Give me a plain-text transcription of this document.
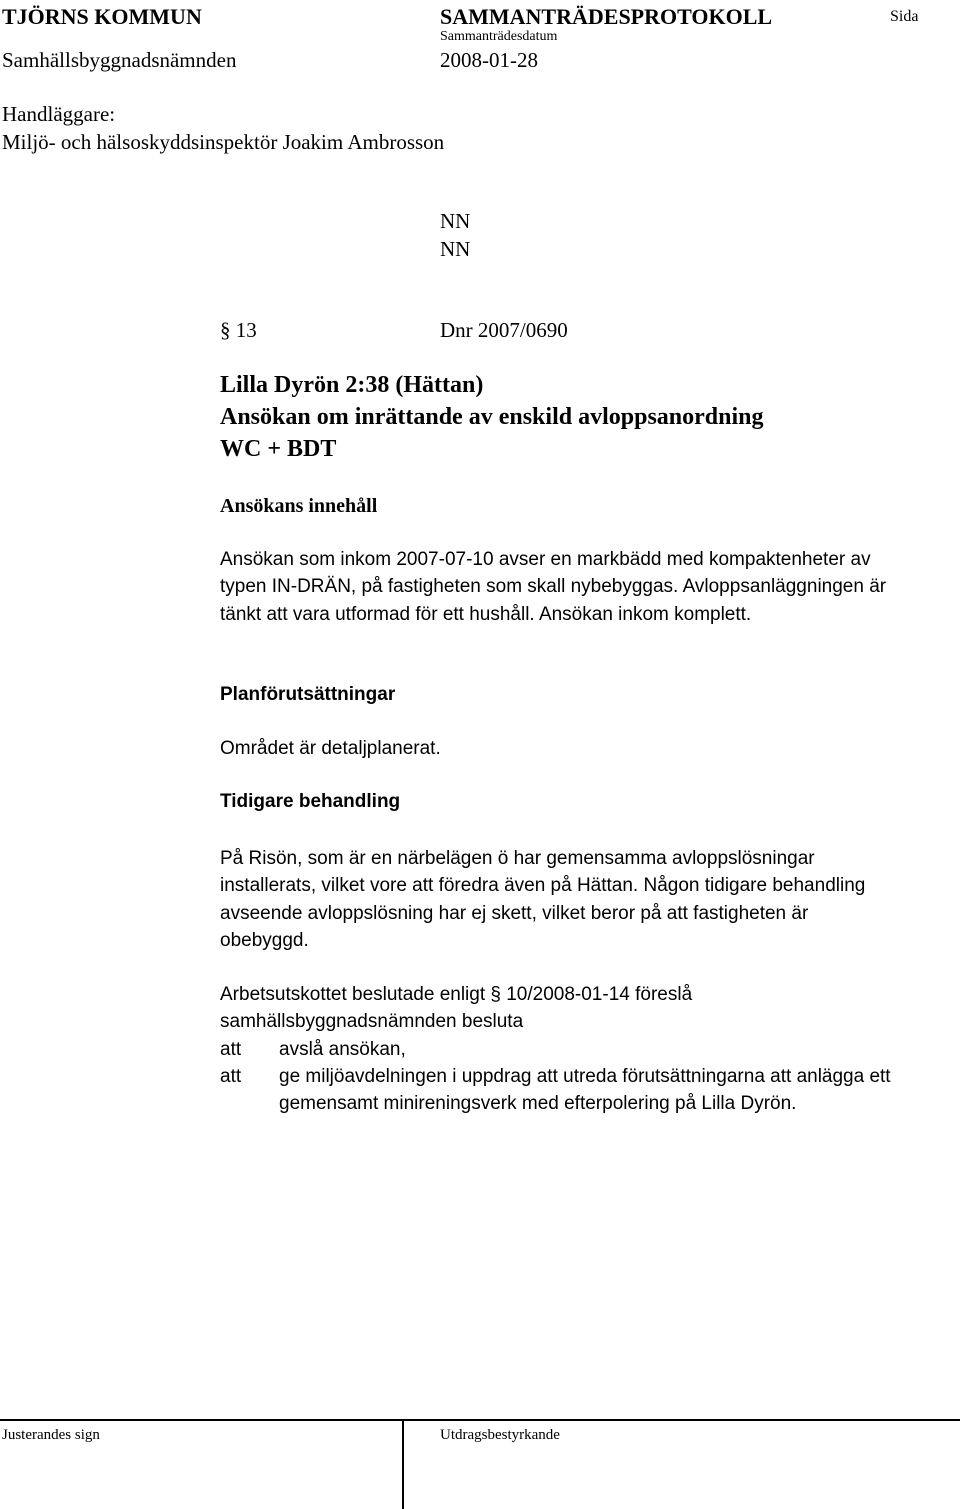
TJÖRNS KOMMUN	SAMMANTRÄDESPROTOKOLL	Sida
Sammanträdesdatum
Samhällsbyggnadsnämnden	2008-01-28
Handläggare:
Miljö- och hälsoskyddsinspektör Joakim Ambrosson
NN
NN
§ 13	Dnr 2007/0690
Lilla Dyrön 2:38 (Hättan)
Ansökan om inrättande av enskild avloppsanordning
WC + BDT
Ansökans innehåll
Ansökan som inkom 2007-07-10 avser en markbädd med kompaktenheter av typen IN-DRÄN, på fastigheten som skall nybebyggas. Avloppsanläggningen är tänkt att vara utformad för ett hushåll. Ansökan inkom komplett.
Planförutsättningar
Området är detaljplanerat.
Tidigare behandling
På Risön, som är en närbelägen ö har gemensamma avloppslösningar installerats, vilket vore att föredra även på Hättan. Någon tidigare behandling avseende avloppslösning har ej skett, vilket beror på att fastigheten är obebyggd.
Arbetsutskottet beslutade enligt § 10/2008-01-14 föreslå samhällsbyggnadsnämnden besluta
att avslå ansökan,
att ge miljöavdelningen i uppdrag att utreda förutsättningarna att anlägga ett gemensamt minireningsverk med efterpolering på Lilla Dyrön.
Justerandes sign	Utdragsbestyrkande
